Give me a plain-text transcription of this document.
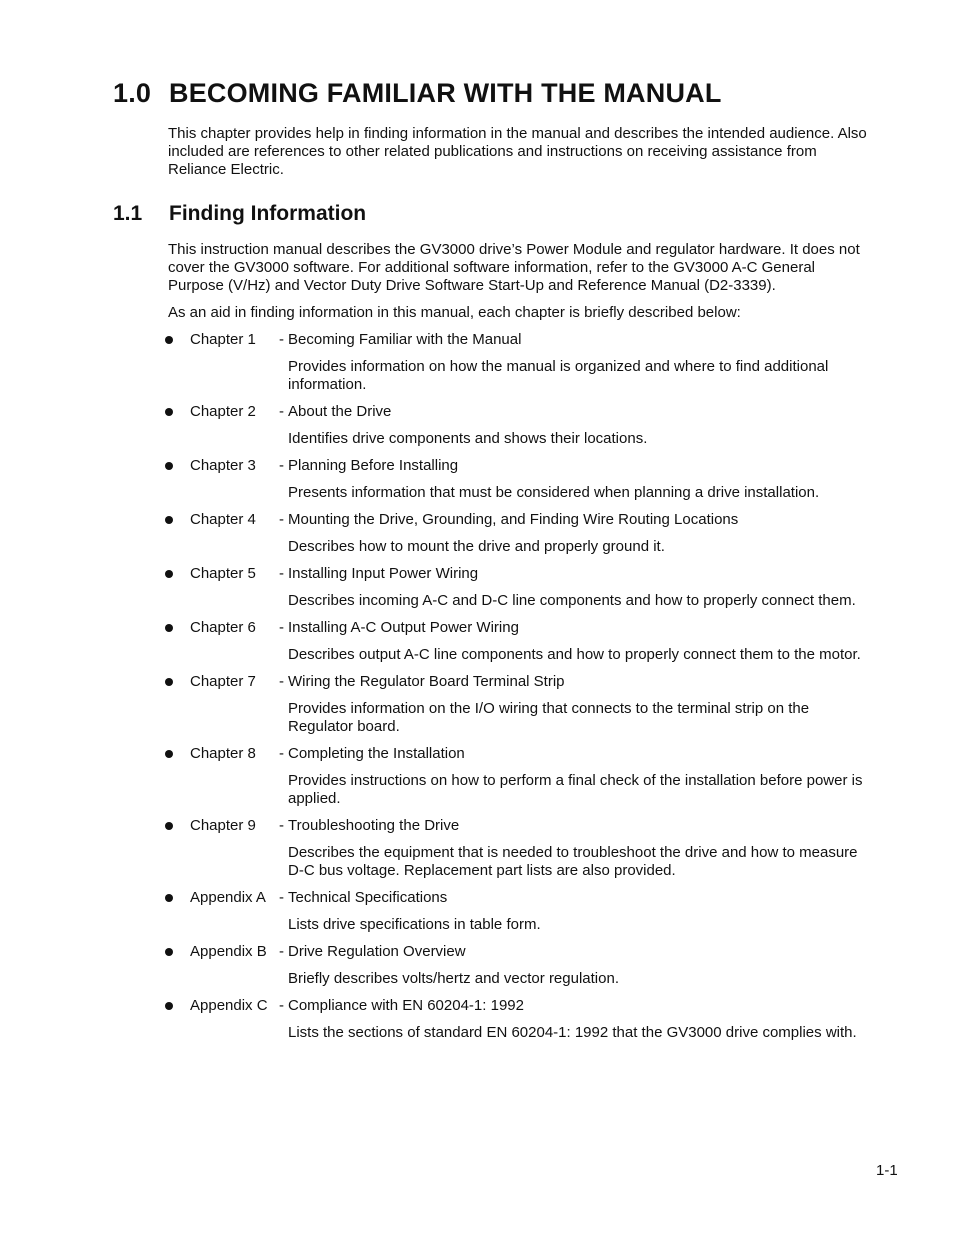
1.0 BECOMING FAMILIAR WITH THE MANUAL

This chapter provides help in finding information in the manual and describes the intended audience. Also included are references to other related publications and instructions on receiving assistance from Reliance Electric.

1.1 Finding Information

This instruction manual describes the GV3000 drive’s Power Module and regulator hardware. It does not cover the GV3000 software. For additional software information, refer to the GV3000 A-C General Purpose (V/Hz) and Vector Duty Drive Software Start-Up and Reference Manual (D2-3339).

As an aid in finding information in this manual, each chapter is briefly described below:

Chapter 1	- Becoming Familiar with the Manual
Provides information on how the manual is organized and where to find additional information.
Chapter 2	- About the Drive
Identifies drive components and shows their locations.
Chapter 3	- Planning Before Installing
Presents information that must be considered when planning a drive installation.
Chapter 4	- Mounting the Drive, Grounding, and Finding Wire Routing Locations
Describes how to mount the drive and properly ground it.
Chapter 5	- Installing Input Power Wiring
Describes incoming A-C and D-C line components and how to properly connect them.
Chapter 6	- Installing A-C Output Power Wiring
Describes output A-C line components and how to properly connect them to the motor.
Chapter 7	- Wiring the Regulator Board Terminal Strip
Provides information on the I/O wiring that connects to the terminal strip on the Regulator board.
Chapter 8	- Completing the Installation
Provides instructions on how to perform a final check of the installation before power is applied.
Chapter 9	- Troubleshooting the Drive
Describes the equipment that is needed to troubleshoot the drive and how to measure D-C bus voltage. Replacement part lists are also provided.
Appendix A - Technical Specifications
Lists drive specifications in table form.
Appendix B - Drive Regulation Overview
Briefly describes volts/hertz and vector regulation.
Appendix C - Compliance with EN 60204-1: 1992
Lists the sections of standard EN 60204-1: 1992 that the GV3000 drive complies with.
1-1
